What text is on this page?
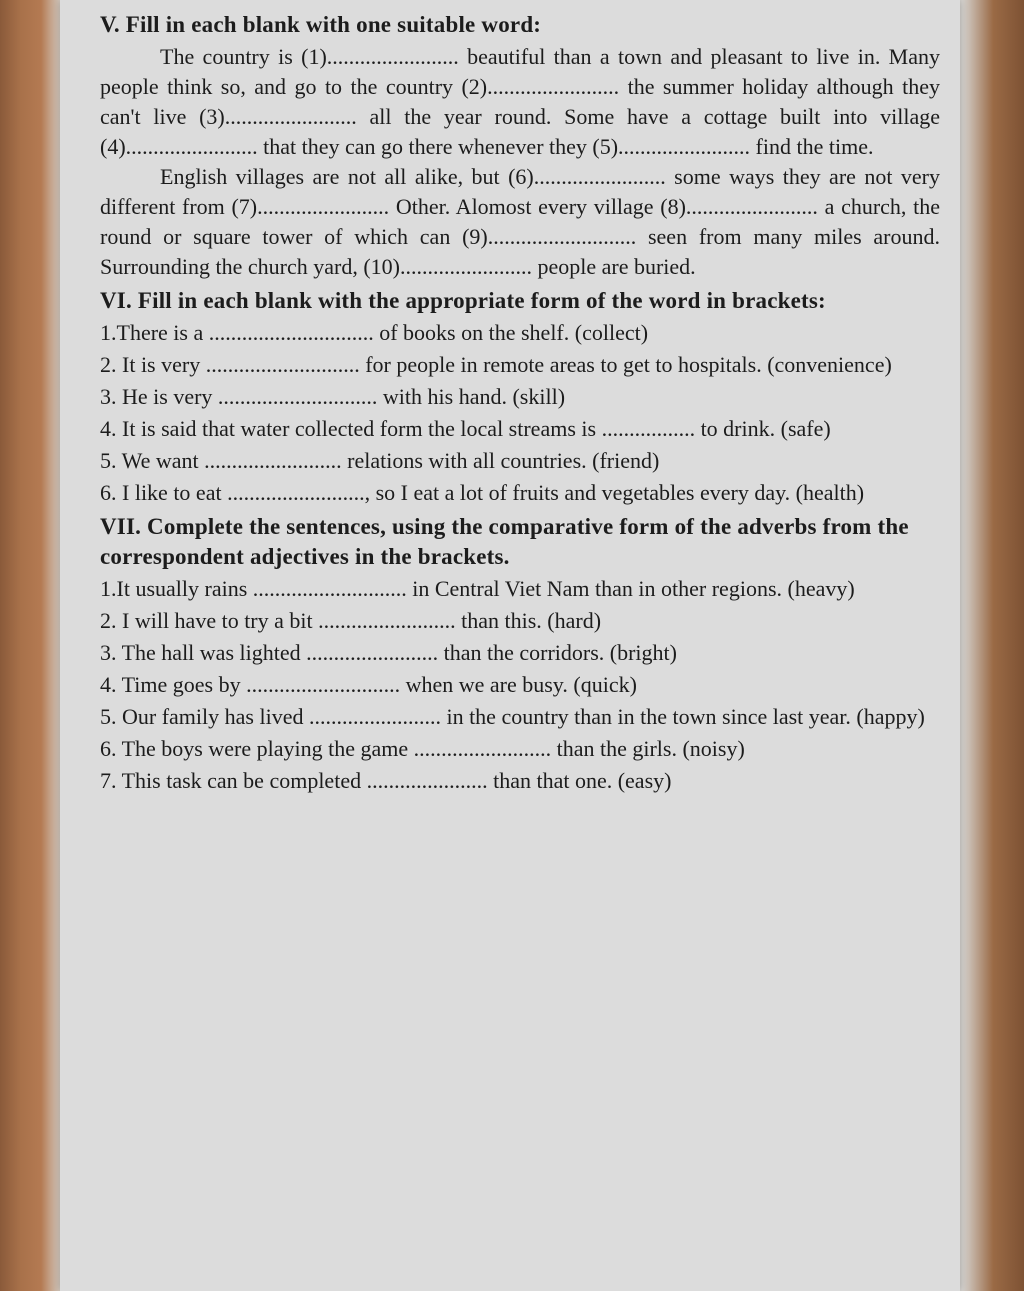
V. Fill in each blank with one suitable word:

The country is (1)........................ beautiful than a town and pleasant to live in. Many people think so, and go to the country (2)........................ the summer holiday although they can't live (3)........................ all the year round. Some have a cottage built into village (4)........................ that they can go there whenever they (5)........................ find the time.

English villages are not all alike, but (6)........................ some ways they are not very different from (7)........................ Other. Alomost every village (8)........................ a church, the round or square tower of which can (9)........................... seen from many miles around. Surrounding the church yard, (10)........................ people are buried.

VI. Fill in each blank with the appropriate form of the word in brackets:
1.There is a .............................. of books on the shelf. (collect)
2. It is very ............................ for people in remote areas to get to hospitals. (convenience)
3. He is very ............................. with his hand. (skill)
4. It is said that water collected form the local streams is ................. to drink. (safe)
5. We want ......................... relations with all countries. (friend)
6. I like to eat ........................., so I eat a lot of fruits and vegetables every day. (health)
VII. Complete the sentences, using the comparative form of the adverbs from the correspondent adjectives in the brackets.
1.It usually rains ............................ in Central Viet Nam than in other regions. (heavy)
2. I will have to try a bit ......................... than this. (hard)
3. The hall was lighted ........................ than the corridors. (bright)
4. Time goes by ............................ when we are busy. (quick)
5. Our family has lived ........................ in the country than in the town since last year. (happy)
6. The boys were playing the game ......................... than the girls. (noisy)
7. This task can be completed ...................... than that one. (easy)
